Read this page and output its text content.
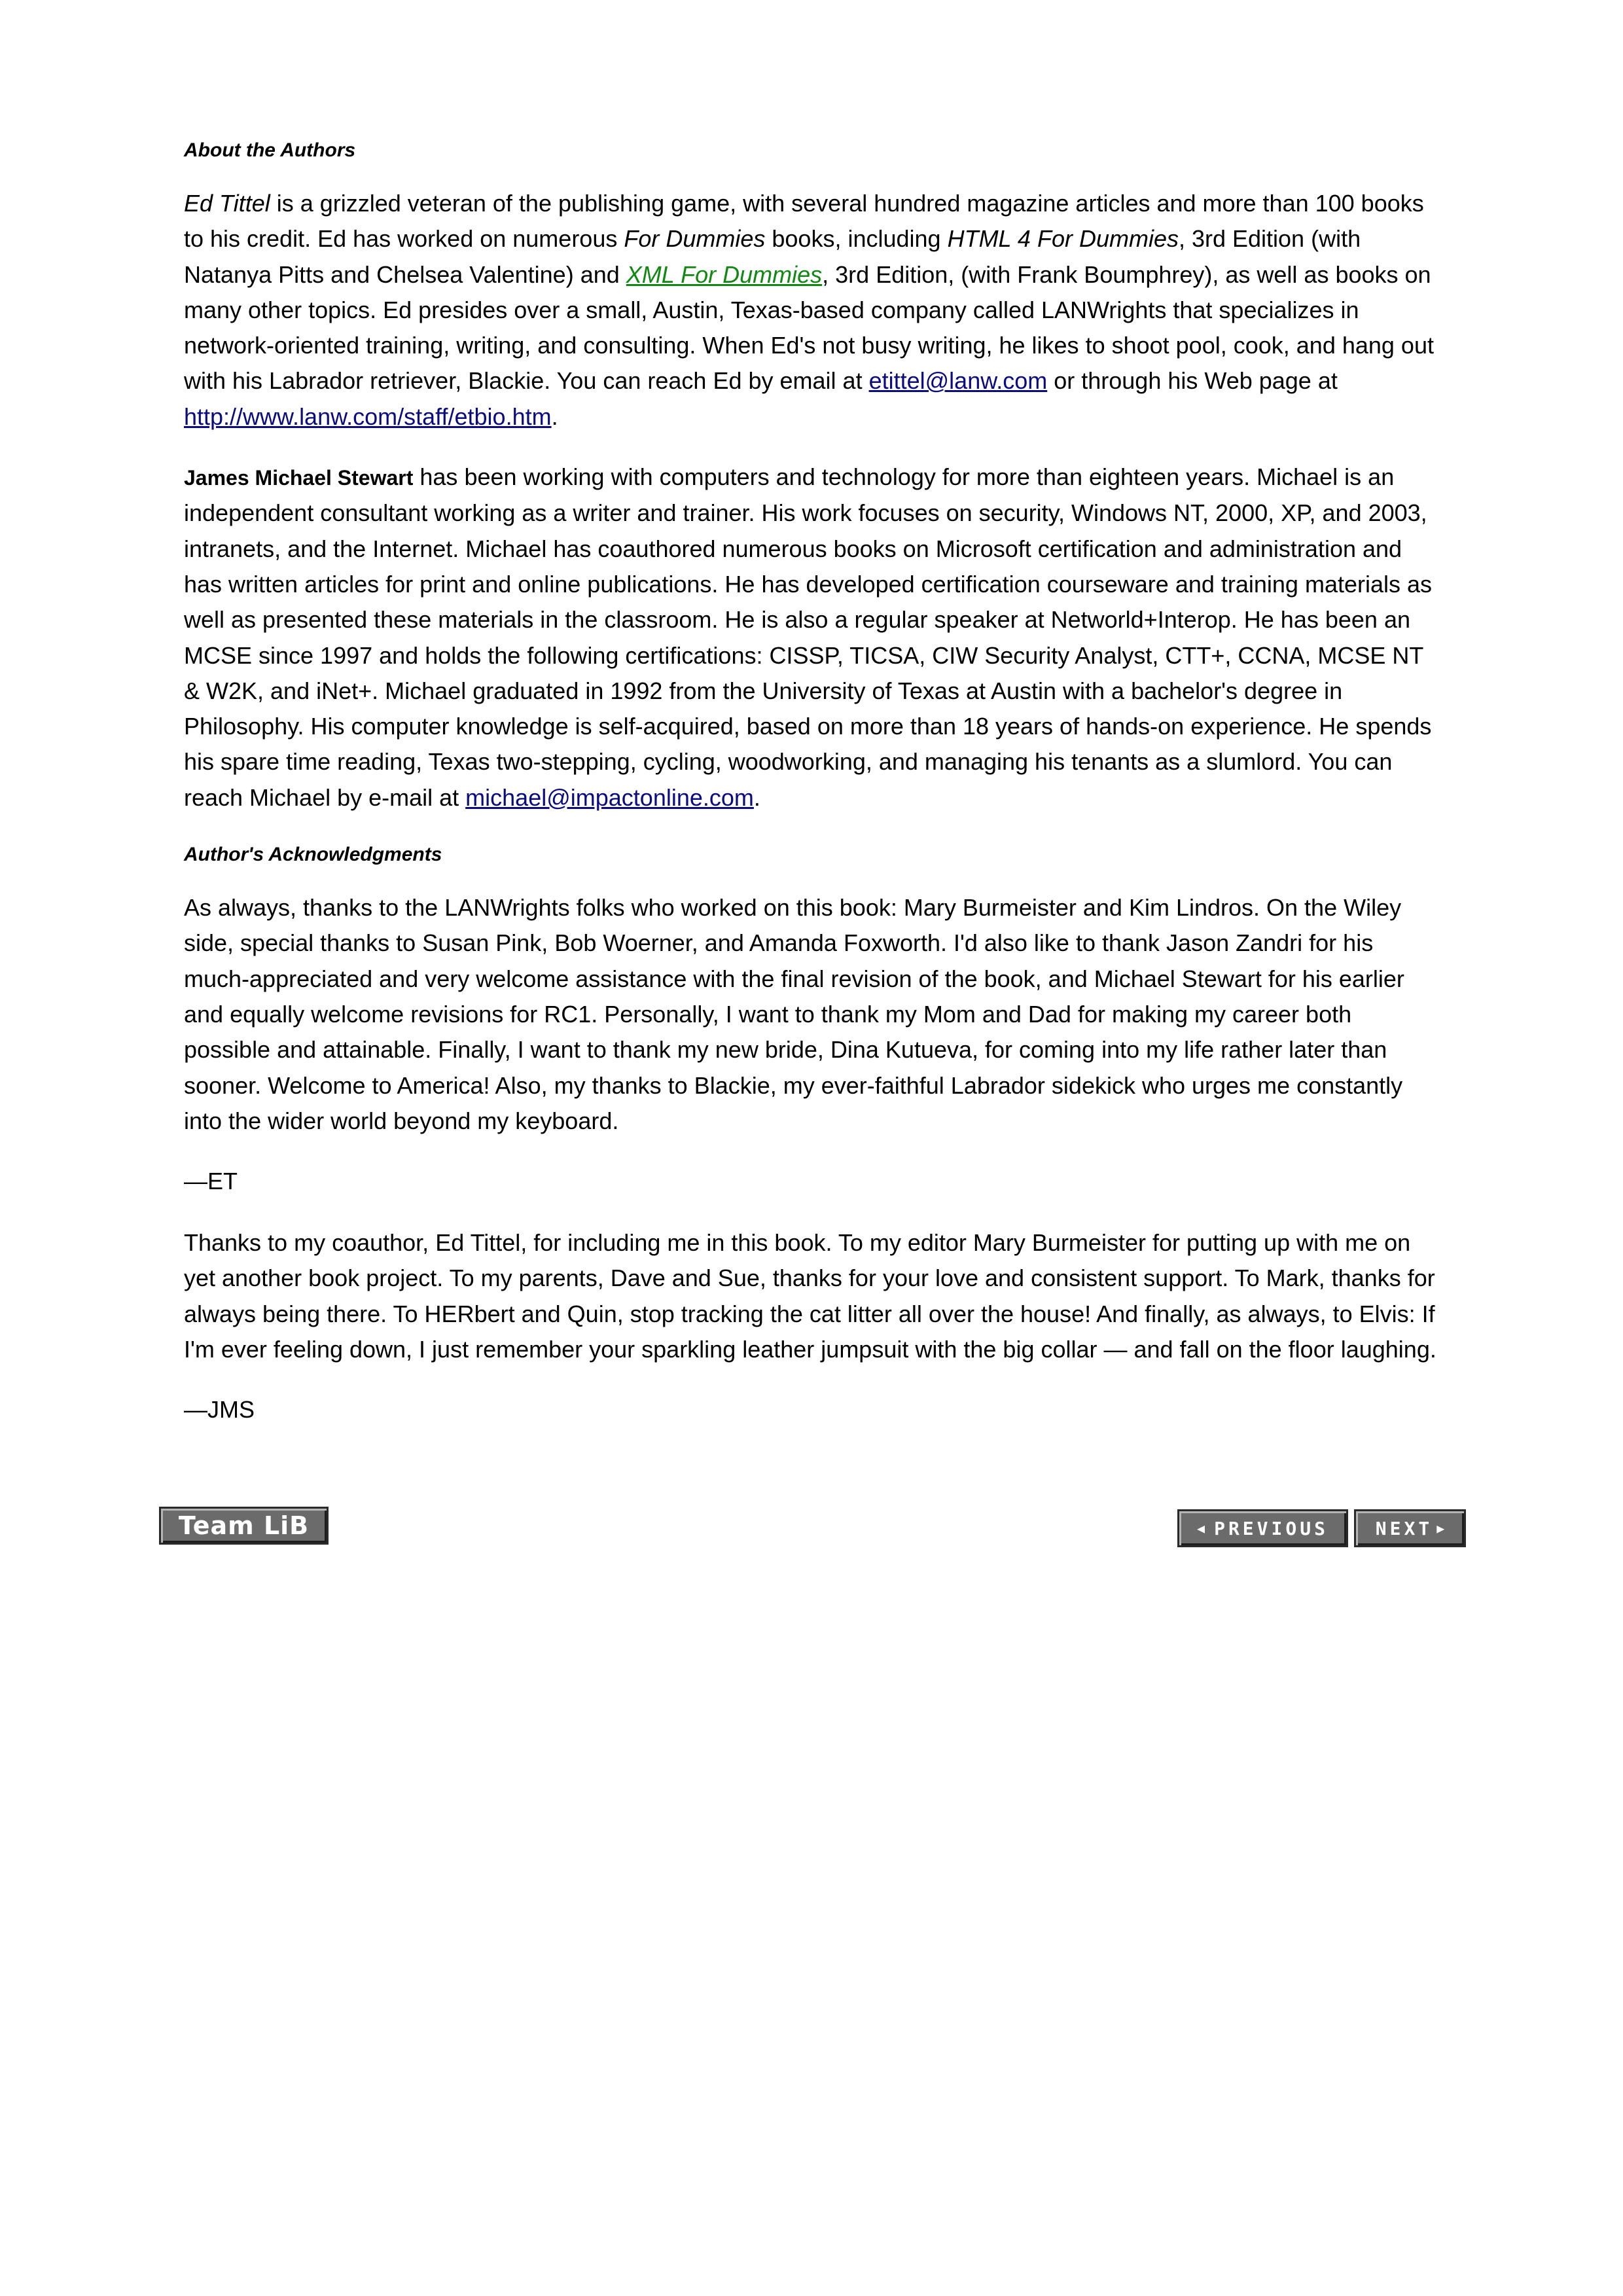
About the Authors

Ed Tittel is a grizzled veteran of the publishing game, with several hundred magazine articles and more than 100 books to his credit. Ed has worked on numerous For Dummies books, including HTML 4 For Dummies, 3rd Edition (with Natanya Pitts and Chelsea Valentine) and XML For Dummies, 3rd Edition, (with Frank Boumphrey), as well as books on many other topics. Ed presides over a small, Austin, Texas-based company called LANWrights that specializes in network-oriented training, writing, and consulting. When Ed's not busy writing, he likes to shoot pool, cook, and hang out with his Labrador retriever, Blackie. You can reach Ed by email at etittel@lanw.com or through his Web page at http://www.lanw.com/staff/etbio.htm.

James Michael Stewart has been working with computers and technology for more than eighteen years. Michael is an independent consultant working as a writer and trainer. His work focuses on security, Windows NT, 2000, XP, and 2003, intranets, and the Internet. Michael has coauthored numerous books on Microsoft certification and administration and has written articles for print and online publications. He has developed certification courseware and training materials as well as presented these materials in the classroom. He is also a regular speaker at Networld+Interop. He has been an MCSE since 1997 and holds the following certifications: CISSP, TICSA, CIW Security Analyst, CTT+, CCNA, MCSE NT & W2K, and iNet+. Michael graduated in 1992 from the University of Texas at Austin with a bachelor's degree in Philosophy. His computer knowledge is self-acquired, based on more than 18 years of hands-on experience. He spends his spare time reading, Texas two-stepping, cycling, woodworking, and managing his tenants as a slumlord. You can reach Michael by e-mail at michael@impactonline.com.

Author's Acknowledgments

As always, thanks to the LANWrights folks who worked on this book: Mary Burmeister and Kim Lindros. On the Wiley side, special thanks to Susan Pink, Bob Woerner, and Amanda Foxworth. I'd also like to thank Jason Zandri for his much-appreciated and very welcome assistance with the final revision of the book, and Michael Stewart for his earlier and equally welcome revisions for RC1. Personally, I want to thank my Mom and Dad for making my career both possible and attainable. Finally, I want to thank my new bride, Dina Kutueva, for coming into my life rather later than sooner. Welcome to America! Also, my thanks to Blackie, my ever-faithful Labrador sidekick who urges me constantly into the wider world beyond my keyboard.

—ET

Thanks to my coauthor, Ed Tittel, for including me in this book. To my editor Mary Burmeister for putting up with me on yet another book project. To my parents, Dave and Sue, thanks for your love and consistent support. To Mark, thanks for always being there. To HERbert and Quin, stop tracking the cat litter all over the house! And finally, as always, to Elvis: If I'm ever feeling down, I just remember your sparkling leather jumpsuit with the big collar — and fall on the floor laughing.

—JMS

Team LiB	◀ PREVIOUS	NEXT ▶
